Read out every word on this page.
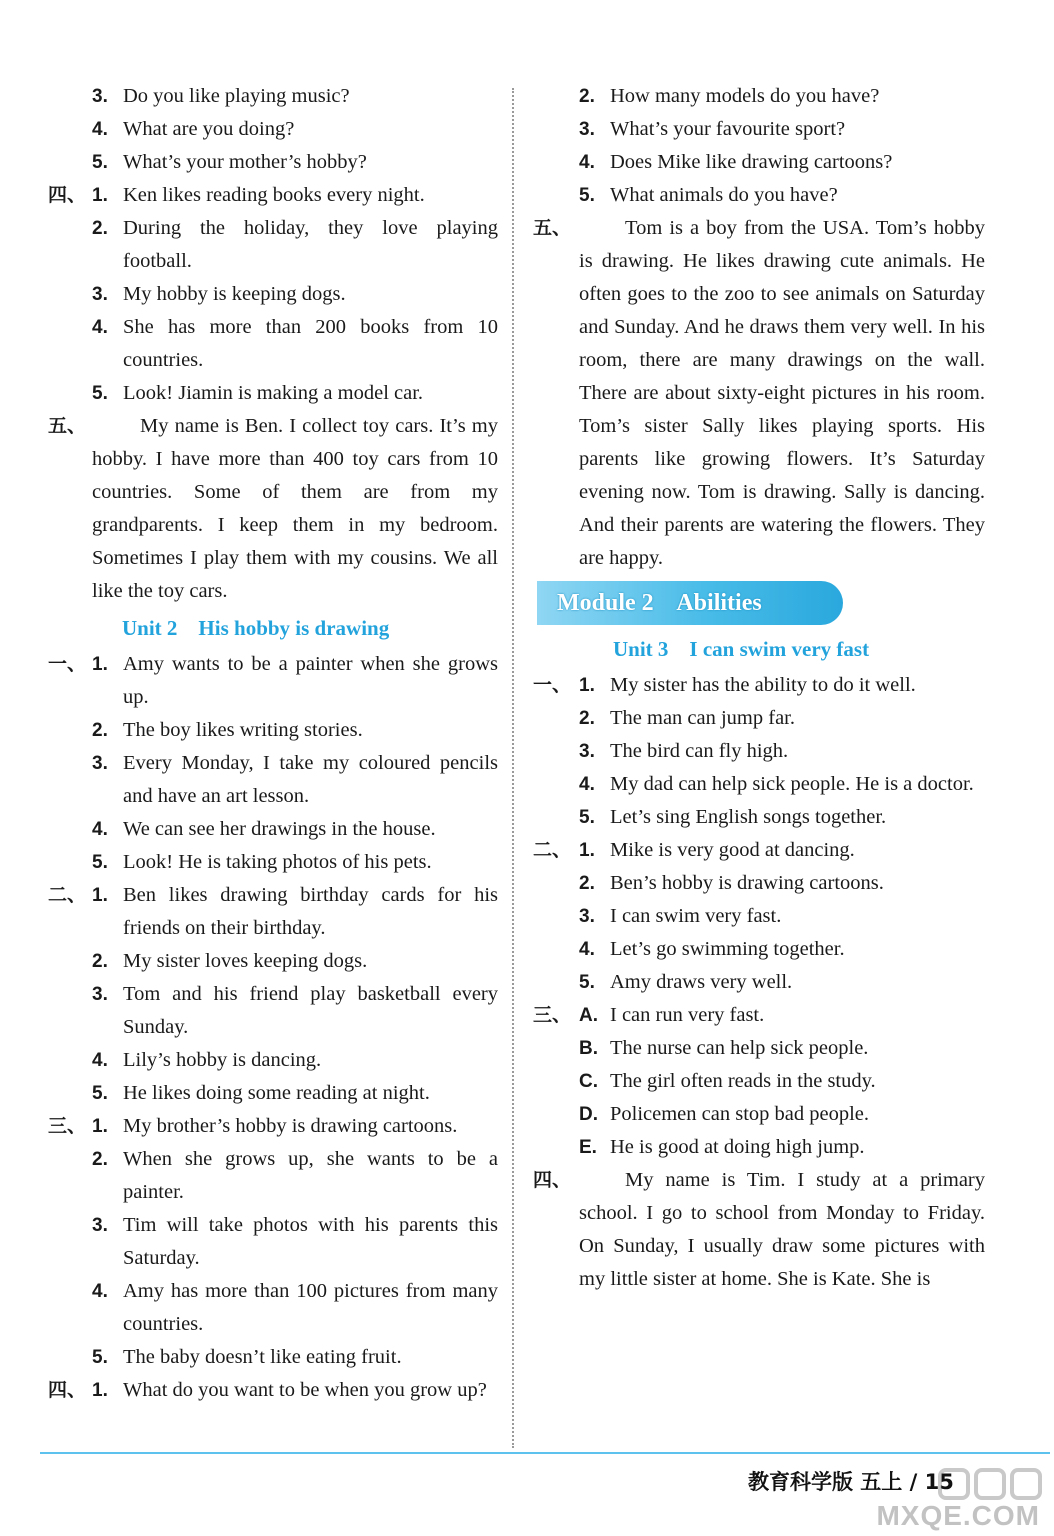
3. Do you like playing music?
4. What are you doing?
5. What’s your mother’s hobby?
四、 1. Ken likes reading books every night.
2. During the holiday, they love playing football.
3. My hobby is keeping dogs.
4. She has more than 200 books from 10 countries.
5. Look! Jiamin is making a model car.
五、	My name is Ben. I collect toy cars. It’s my hobby. I have more than 400 toy cars from 10 countries. Some of them are from my grandparents. I keep them in my bedroom. Sometimes I play them with my cousins. We all like the toy cars.
Unit 2    His hobby is drawing
一、 1. Amy wants to be a painter when she grows up.
2. The boy likes writing stories.
3. Every Monday, I take my coloured pencils and have an art lesson.
4. We can see her drawings in the house.
5. Look! He is taking photos of his pets.
二、 1. Ben likes drawing birthday cards for his friends on their birthday.
2. My sister loves keeping dogs.
3. Tom and his friend play basketball every Sunday.
4. Lily’s hobby is dancing.
5. He likes doing some reading at night.
三、 1. My brother’s hobby is drawing cartoons.
2. When she grows up, she wants to be a painter.
3. Tim will take photos with his parents this Saturday.
4. Amy has more than 100 pictures from many countries.
5. The baby doesn’t like eating fruit.
四、 1. What do you want to be when you grow up?
2. How many models do you have?
3. What’s your favourite sport?
4. Does Mike like drawing cartoons?
5. What animals do you have?
五、	Tom is a boy from the USA. Tom’s hobby is drawing. He likes drawing cute animals. He often goes to the zoo to see animals on Saturday and Sunday. And he draws them very well. In his room, there are many drawings on the wall. There are about sixty-eight pictures in his room. Tom’s sister Sally likes playing sports. His parents like growing flowers. It’s Saturday evening now. Tom is drawing. Sally is dancing. And their parents are watering the flowers. They are happy.
Module 2    Abilities
Unit 3    I can swim very fast
一、 1. My sister has the ability to do it well.
2. The man can jump far.
3. The bird can fly high.
4. My dad can help sick people. He is a doctor.
5. Let’s sing English songs together.
二、 1. Mike is very good at dancing.
2. Ben’s hobby is drawing cartoons.
3. I can swim very fast.
4. Let’s go swimming together.
5. Amy draws very well.
三、 A. I can run very fast.
B. The nurse can help sick people.
C. The girl often reads in the study.
D. Policemen can stop bad people.
E. He is good at doing high jump.
四、	My name is Tim. I study at a primary school. I go to school from Monday to Friday. On Sunday, I usually draw some pictures with my little sister at home. She is Kate. She is
教育科学版 五上 / 15
MXQE.COM
